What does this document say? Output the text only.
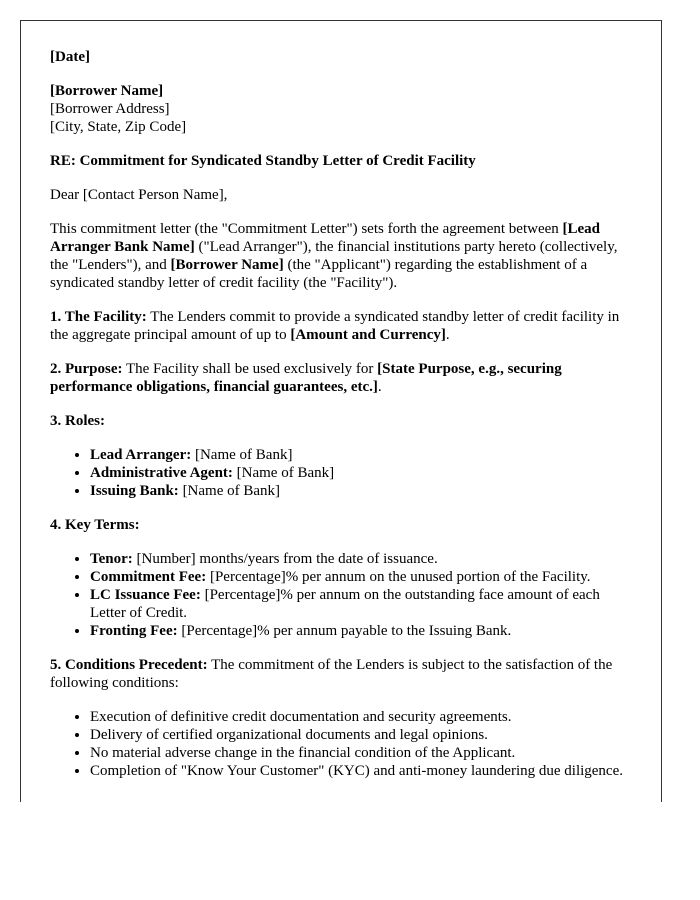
[Date]

[Borrower Name]
[Borrower Address]
[City, State, Zip Code]

RE: Commitment for Syndicated Standby Letter of Credit Facility

Dear [Contact Person Name],

This commitment letter (the "Commitment Letter") sets forth the agreement between [Lead Arranger Bank Name] ("Lead Arranger"), the financial institutions party hereto (collectively, the "Lenders"), and [Borrower Name] (the "Applicant") regarding the establishment of a syndicated standby letter of credit facility (the "Facility").

1. The Facility: The Lenders commit to provide a syndicated standby letter of credit facility in the aggregate principal amount of up to [Amount and Currency].

2. Purpose: The Facility shall be used exclusively for [State Purpose, e.g., securing performance obligations, financial guarantees, etc.].

3. Roles:

• Lead Arranger: [Name of Bank]
• Administrative Agent: [Name of Bank]
• Issuing Bank: [Name of Bank]

4. Key Terms:

• Tenor: [Number] months/years from the date of issuance.
• Commitment Fee: [Percentage]% per annum on the unused portion of the Facility.
• LC Issuance Fee: [Percentage]% per annum on the outstanding face amount of each Letter of Credit.
• Fronting Fee: [Percentage]% per annum payable to the Issuing Bank.

5. Conditions Precedent: The commitment of the Lenders is subject to the satisfaction of the following conditions:

• Execution of definitive credit documentation and security agreements.
• Delivery of certified organizational documents and legal opinions.
• No material adverse change in the financial condition of the Applicant.
• Completion of "Know Your Customer" (KYC) and anti-money laundering due diligence.
